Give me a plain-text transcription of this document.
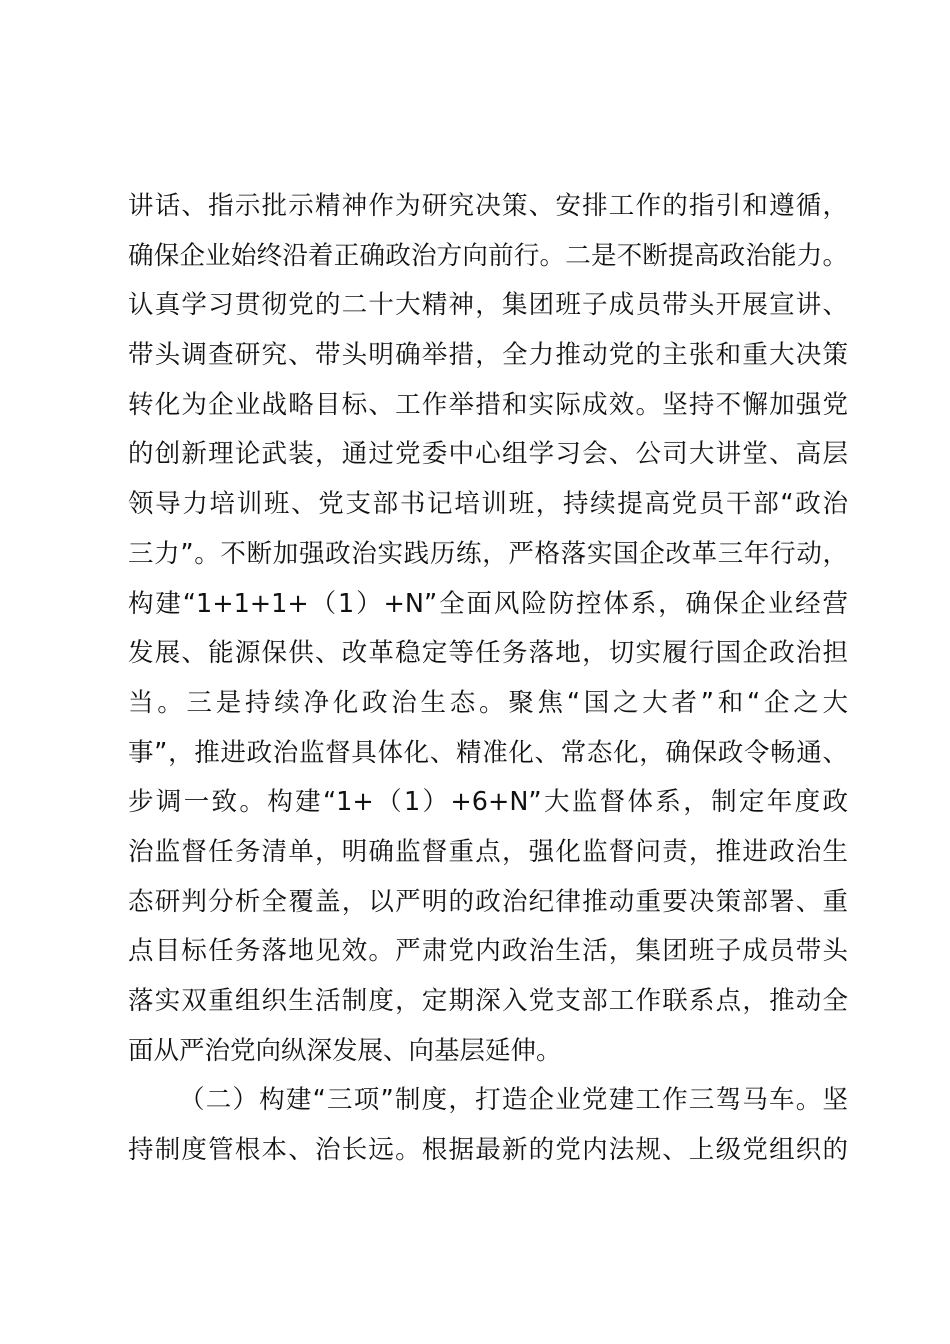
讲话、指示批示精神作为研究决策、安排工作的指引和遵循，
确保企业始终沿着正确政治方向前行。二是不断提高政治能力。
认真学习贯彻党的二十大精神，集团班子成员带头开展宣讲、
带头调查研究、带头明确举措，全力推动党的主张和重大决策
转化为企业战略目标、工作举措和实际成效。坚持不懈加强党
的创新理论武装，通过党委中心组学习会、公司大讲堂、高层
领导力培训班、党支部书记培训班，持续提高党员干部“政治
三力”。不断加强政治实践历练，严格落实国企改革三年行动，
构建“1+1+1+（1）+N”全面风险防控体系，确保企业经营
发展、能源保供、改革稳定等任务落地，切实履行国企政治担
当。三是持续净化政治生态。聚焦“国之大者”和“企之大
事”，推进政治监督具体化、精准化、常态化，确保政令畅通、
步调一致。构建“1+（1）+6+N”大监督体系，制定年度政
治监督任务清单，明确监督重点，强化监督问责，推进政治生
态研判分析全覆盖，以严明的政治纪律推动重要决策部署、重
点目标任务落地见效。严肃党内政治生活，集团班子成员带头
落实双重组织生活制度，定期深入党支部工作联系点，推动全
面从严治党向纵深发展、向基层延伸。
（二）构建“三项”制度，打造企业党建工作三驾马车。坚
持制度管根本、治长远。根据最新的党内法规、上级党组织的
